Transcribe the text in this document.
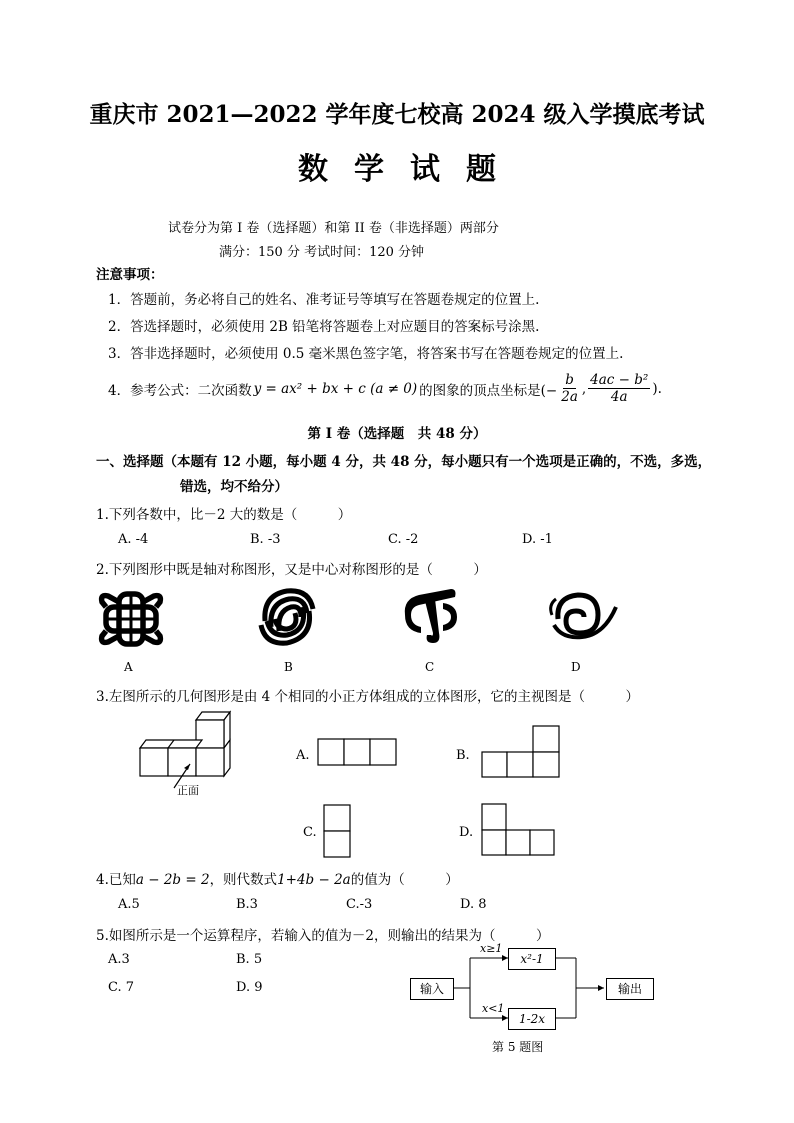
重庆市 2021—2022 学年度七校高 2024 级入学摸底考试
数学试题
试卷分为第 I 卷（选择题）和第 II 卷（非选择题）两部分
满分：150 分 考试时间：120 分钟
注意事项：
1．答题前，务必将自己的姓名、准考证号等填写在答题卷规定的位置上.
2．答选择题时，必须使用 2B 铅笔将答题卷上对应题目的答案标号涂黑.
3．答非选择题时，必须使用 0.5 毫米黑色签字笔，将答案书写在答题卷规定的位置上.
4．参考公式：二次函数 y = ax² + bx + c (a ≠ 0) 的图象的顶点坐标是(− $\frac{b}{2a}$ , $\frac{\text{4ac − b²}}{4a}$ ).
第 I 卷（选择题　共 48 分）
一、选择题（本题有 12 小题，每小题 4 分，共 48 分，每小题只有一个选项是正确的，不选，多选，
错选，均不给分）
1.下列各数中，比－2 大的数是（　　　）
A. -4	B. -3	C. -2	D. -1
2.下列图形中既是轴对称图形，又是中心对称图形的是（　　　）
A	B	C	D
3.左图所示的几何图形是由 4 个相同的小正方体组成的立体图形，它的主视图是（　　　）
正面
A.	B.
C.	D.
4.已知a − 2b = 2，则代数式1+4b − 2a的值为（　　　）
A.5	B.3	C.-3	D. 8
5.如图所示是一个运算程序，若输入的值为－2，则输出的结果为（　　　）
A.3	B. 5
C. 7	D. 9	输入
x²-1
1-2x
输出
x≥1
x<1
第 5 题图
